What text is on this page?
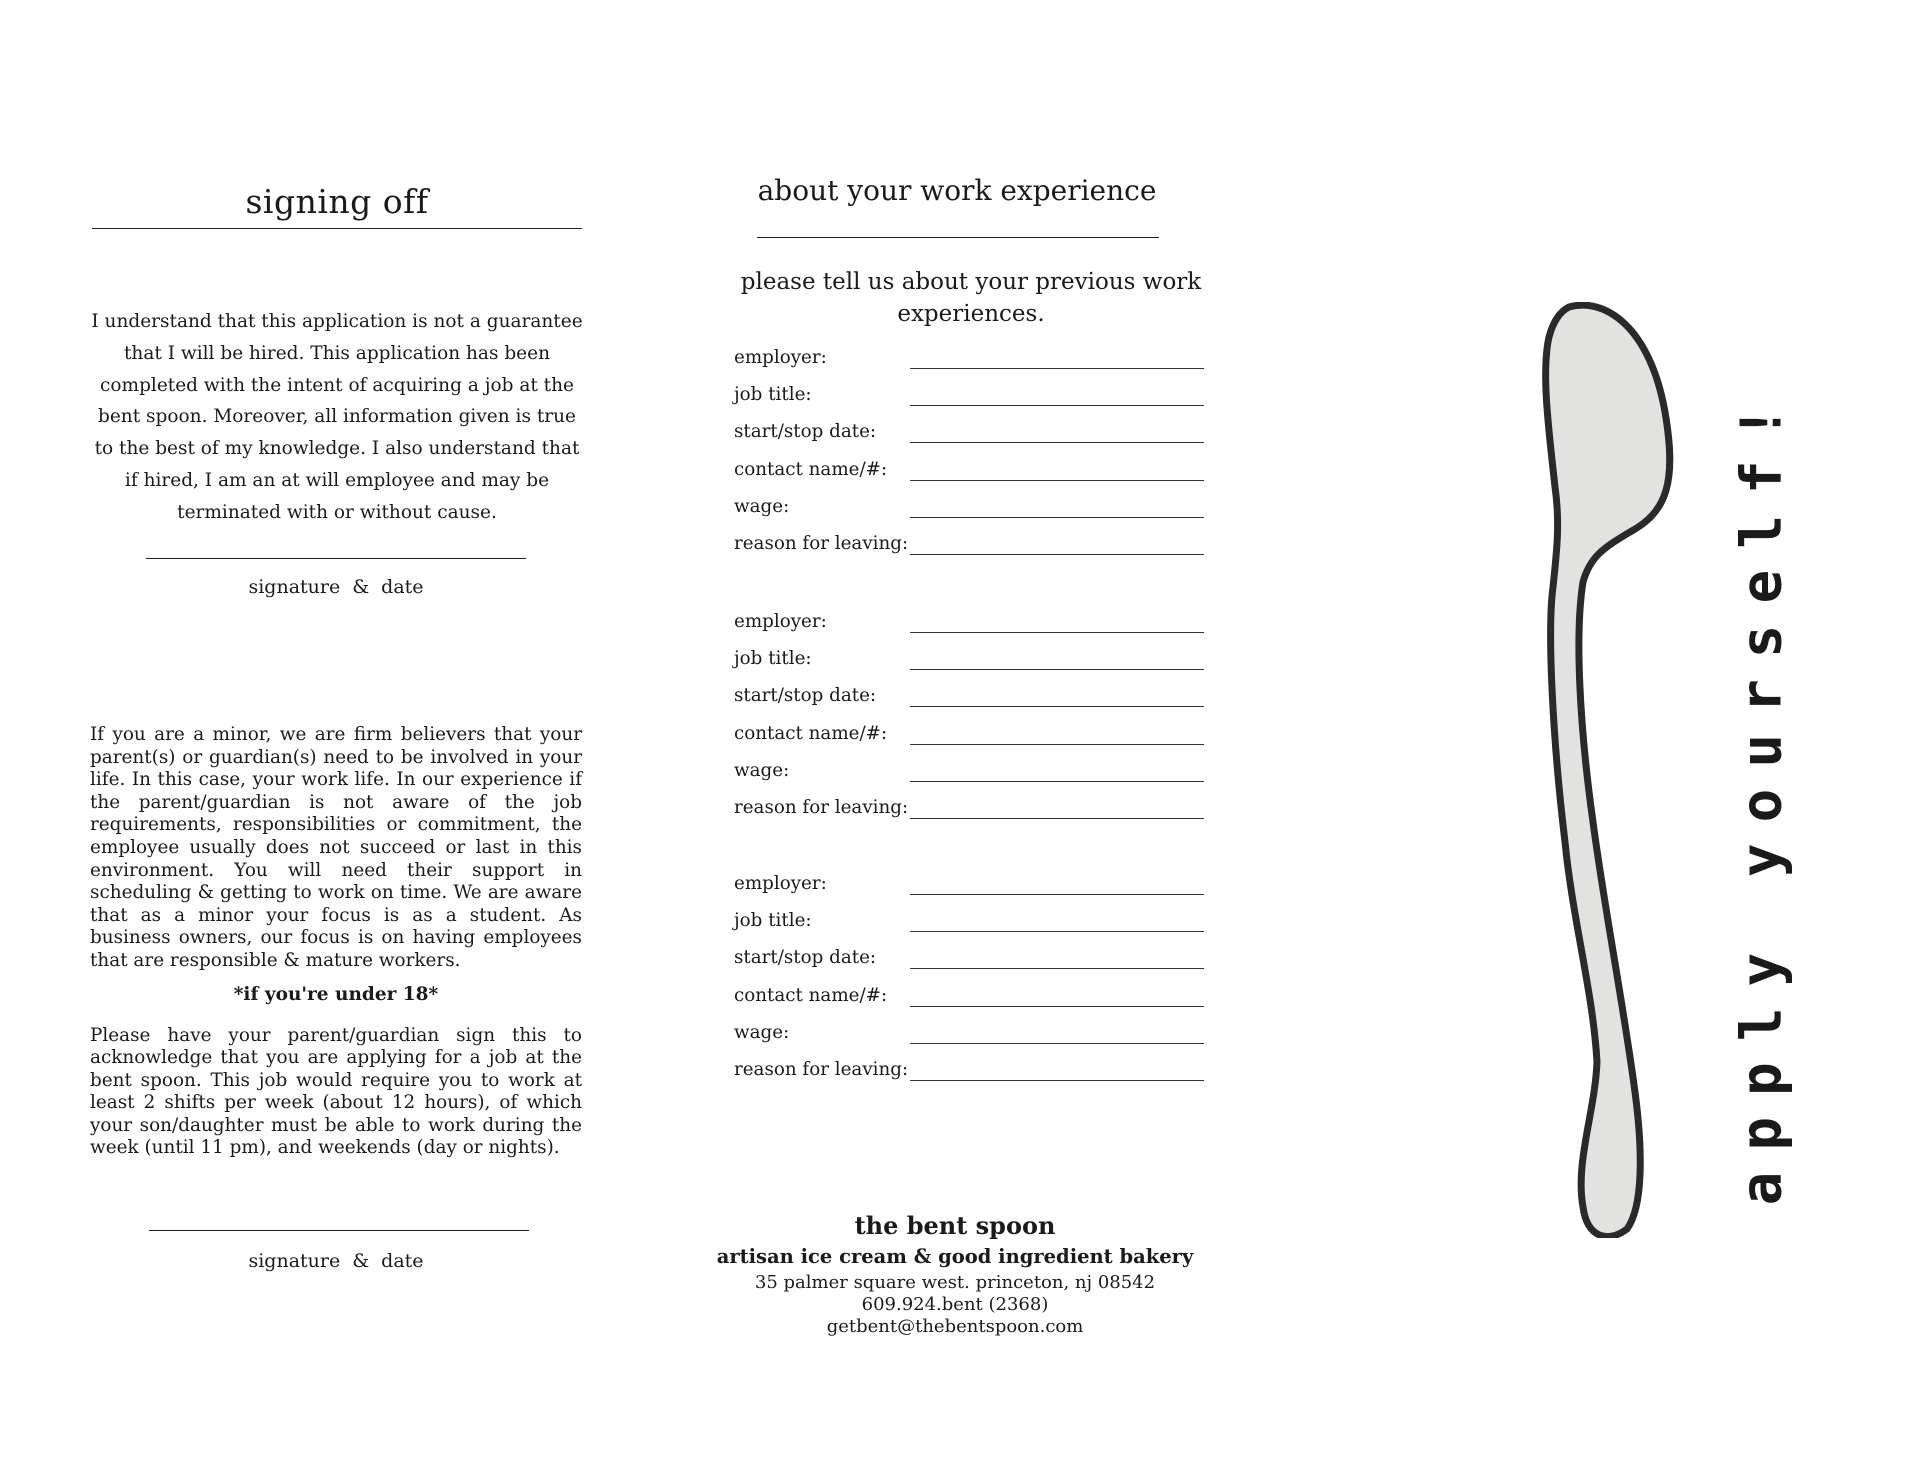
signing off
I understand that this application is not a guarantee that I will be hired. This application has been completed with the intent of acquiring a job at the bent spoon. Moreover, all information given is true to the best of my knowledge. I also understand that if hired, I am an at will employee and may be terminated with or without cause.
signature & date
If you are a minor, we are firm believers that your parent(s) or guardian(s) need to be involved in your life. In this case, your work life. In our experience if the parent/guardian is not aware of the job requirements, responsibilities or commitment, the employee usually does not succeed or last in this environment. You will need their support in scheduling & getting to work on time. We are aware that as a minor your focus is as a student. As business owners, our focus is on having employees that are responsible & mature workers.
*if you're under 18*
Please have your parent/guardian sign this to acknowledge that you are applying for a job at the bent spoon. This job would require you to work at least 2 shifts per week (about 12 hours), of which your son/daughter must be able to work during the week (until 11 pm), and weekends (day or nights).
signature & date
about your work experience
please tell us about your previous work experiences.
employer:
job title:
start/stop date:
contact name/#:
wage:
reason for leaving:
employer:
job title:
start/stop date:
contact name/#:
wage:
reason for leaving:
employer:
job title:
start/stop date:
contact name/#:
wage:
reason for leaving:
the bent spoon
artisan ice cream & good ingredient bakery
35 palmer square west. princeton, nj 08542
609.924.bent (2368)
getbent@thebentspoon.com
apply yourself!
